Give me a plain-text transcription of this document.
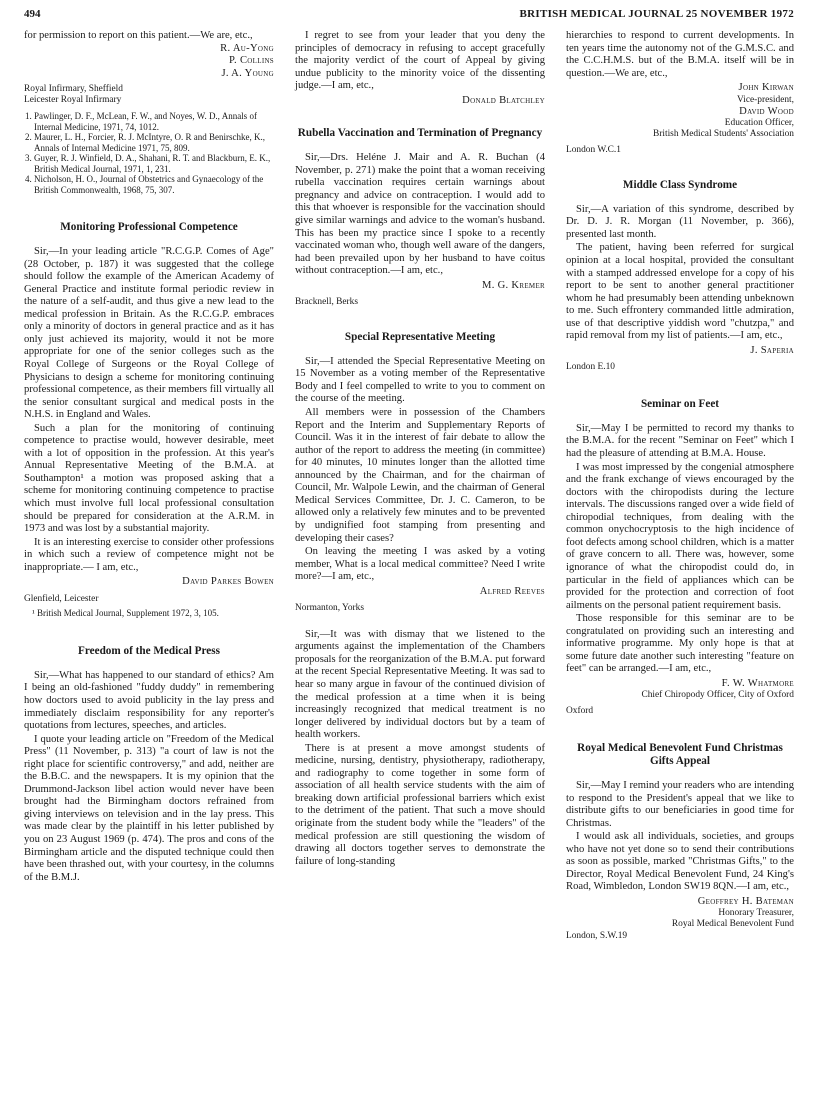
494	BRITISH MEDICAL JOURNAL 25 NOVEMBER 1972

for permission to report on this patient.—We are, etc.,

R. Au-Yong
P. Collins
J. A. Young
Royal Infirmary, Sheffield
Leicester Royal Infirmary
1. Pawlinger, D. F., McLean, F. W., and Noyes, W. D., Annals of Internal Medicine, 1971, 74, 1012.
2. Maurer, L. H., Forcier, R. J. McIntyre, O. R and Benirschke, K., Annals of Internal Medicine 1971, 75, 809.
3. Guyer, R. J. Winfield, D. A., Shahani, R. T. and Blackburn, E. K., British Medical Journal, 1971, 1, 231.
4. Nicholson, H. O., Journal of Obstetrics and Gynaecology of the British Commonwealth, 1968, 75, 307.
Monitoring Professional Competence

Sir,—In your leading article "R.C.G.P. Comes of Age" (28 October, p. 187) it was suggested that the college should follow the example of the American Academy of General Practice and institute formal periodic review in the nature of a self-audit, and thus give a new lead to the medical profession in Britain. As the R.C.G.P. embraces only a minority of doctors in general practice and as it has only just achieved its majority, would it not be more appropriate for one of the senior colleges such as the Royal College of Surgeons or the Royal College of Physicians to design a scheme for monitoring continuing professional competence, as their members fill virtually all the senior consultant surgical and medical posts in the N.H.S. in England and Wales.

Such a plan for the monitoring of continuing competence to practise would, however desirable, meet with a lot of opposition in the profession. At this year's Annual Representative Meeting of the B.M.A. at Southampton¹ a motion was proposed asking that a scheme for monitoring continuing competence to practise which must involve full local professional consultation should be prepared for consideration at the A.R.M. in 1973 and was lost by a substantial majority.

It is an interesting exercise to consider other professions in which such a review of competence might not be inappropriate.— I am, etc.,

David Parkes Bowen
Glenfield, Leicester
¹ British Medical Journal, Supplement 1972, 3, 105.
Freedom of the Medical Press

Sir,—What has happened to our standard of ethics? Am I being an old-fashioned "fuddy duddy" in remembering how doctors used to avoid publicity in the lay press and immediately disclaim responsibility for any reporter's quotations from lectures, speeches, and articles.

I quote your leading article on "Freedom of the Medical Press" (11 November, p. 313) "a court of law is not the right place for scientific controversy," and add, neither are the B.B.C. and the newspapers. It is my opinion that the Drummond-Jackson libel action would never have been brought had the Birmingham doctors refrained from giving interviews on television and in the lay press. This was made clear by the plaintiff in his letter published by you on 23 August 1969 (p. 474). The pros and cons of the Birmingham article and the disputed technique could then have been thrashed out, with your courtesy, in the columns of the B.M.J.

I regret to see from your leader that you deny the principles of democracy in refusing to accept gracefully the majority verdict of the court of Appeal by giving undue publicity to the minority voice of the dissenting judge.—I am, etc.,

Donald Blatchley
Rubella Vaccination and Termination of Pregnancy

Sir,—Drs. Heléne J. Mair and A. R. Buchan (4 November, p. 271) make the point that a woman receiving rubella vaccination requires certain warnings about pregnancy and advice on contraception. I would add to this that whoever is responsible for the vaccination should give similar warnings and advice to the woman's husband. This has been my practice since I spoke to a recently vaccinated woman who, though well aware of the dangers, had been prevailed upon by her husband to have coitus without contraception.—I am, etc.,

M. G. Kremer
Bracknell, Berks
Special Representative Meeting

Sir,—I attended the Special Representative Meeting on 15 November as a voting member of the Representative Body and I feel compelled to write to you to comment on the course of the meeting.

All members were in possession of the Chambers Report and the Interim and Supplementary Reports of Council. Was it in the interest of fair debate to allow the author of the report to address the meeting (in committee) for 40 minutes, 10 minutes longer than the allotted time announced by the Chairman, and for the chairman of Council, Mr. Walpole Lewin, and the chairman of General Medical Services Committee, Dr. J. C. Cameron, to be allowed only a relatively few minutes and to be prevented by undignified foot stamping from presenting and developing their cases?

On leaving the meeting I was asked by a voting member, What is a local medical committee? Need I write more?—I am, etc.,

Alfred Reeves
Normanton, Yorks

Sir,—It was with dismay that we listened to the arguments against the implementation of the Chambers proposals for the reorganization of the B.M.A. put forward at the recent Special Representative Meeting. It was sad to hear so many argue in favour of the continued division of the medical profession at a time when it is being increasingly recognized that medical treatment is no longer delivered by individual doctors but by a team of health workers.

There is at present a move amongst students of medicine, nursing, dentistry, physiotherapy, radiotherapy, and radiography to come together in some form of association of all health service students with the aim of breaking down artificial professional barriers which exist to the detriment of the patient. That such a move should originate from the student body while the "leaders" of the medical profession are still questioning the wisdom of drawing all doctors together serves to demonstrate the failure of long-standing

hierarchies to respond to current developments. In ten years time the autonomy not of the G.M.S.C. and the C.C.H.M.S. but of the B.M.A. itself will be in question.—We are, etc.,

John Kirwan
Vice-president,
David Wood
Education Officer,
British Medical Students' Association
London W.C.1
Middle Class Syndrome

Sir,—A variation of this syndrome, described by Dr. D. J. R. Morgan (11 November, p. 366), presented last month.

The patient, having been referred for surgical opinion at a local hospital, provided the consultant with a stamped addressed envelope for a copy of his report to be sent to another general practitioner whom he had presumably been attending unbeknown to me. Such effrontery commanded little admiration, use of that descriptive yiddish word "chutzpa," and rapid removal from my list of patients.—I am, etc.,

J. Saperia
London E.10
Seminar on Feet

Sir,—May I be permitted to record my thanks to the B.M.A. for the recent "Seminar on Feet" which I had the pleasure of attending at B.M.A. House.

I was most impressed by the congenial atmosphere and the frank exchange of views encouraged by the doctors with the chiropodists during the lecture intervals. The discussions ranged over a wide field of chiropodial techniques, from dealing with the common onychocryptosis to the high incidence of foot defects among school children, which is a matter of grave concern to all. There was, however, some ignorance of what the chiropodist could do, in particular in the field of appliances which can be provided for the protection and correction of foot ailments on the personal patient requirement basis.

Those responsible for this seminar are to be congratulated on providing such an interesting and informative programme. My only hope is that at some future date another such interesting "feature on feet" can be arranged.—I am, etc.,

F. W. Whatmore
Chief Chiropody Officer, City of Oxford
Oxford
Royal Medical Benevolent Fund Christmas Gifts Appeal

Sir,—May I remind your readers who are intending to respond to the President's appeal that we like to distribute gifts to our beneficiaries in good time for Christmas.

I would ask all individuals, societies, and groups who have not yet done so to send their contributions as soon as possible, marked "Christmas Gifts," to the Director, Royal Medical Benevolent Fund, 24 King's Road, Wimbledon, London SW19 8QN.—I am, etc.,

Geoffrey H. Bateman
Honorary Treasurer,
Royal Medical Benevolent Fund
London, S.W.19
